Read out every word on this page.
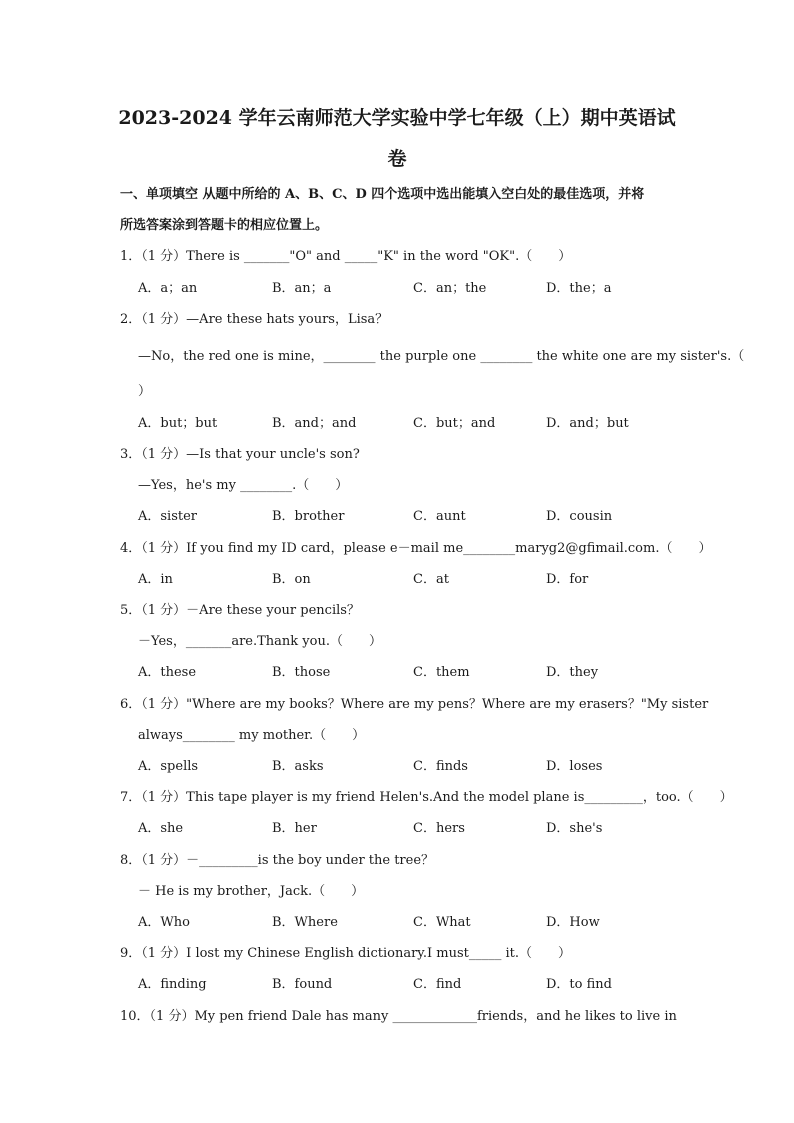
2023-2024 学年云南师范大学实验中学七年级（上）期中英语试
卷
一、单项填空 从题中所给的 A、B、C、D 四个选项中选出能填入空白处的最佳选项，并将
所选答案涂到答题卡的相应位置上。
1．（1 分）There is _______"O" and _____"K" in the word "OK".（　　）
A．a；an	B．an；a	C．an；the	D．the；a
2．（1 分）—Are these hats yours，Lisa？
—No，the red one is mine，________ the purple one ________ the white one are my sister's.（
）
A．but；but	B．and；and	C．but；and	D．and；but
3．（1 分）—Is that your uncle's son?
—Yes，he's my ________.（　　）
A．sister	B．brother	C．aunt	D．cousin
4．（1 分）If you find my ID card，please e－mail me________maryg2@gfimail.com.（　　）
A．in	B．on	C．at	D．for
5．（1 分）－Are these your pencils？
－Yes，_______are.Thank you.（　　）
A．these	B．those	C．them	D．they
6．（1 分）"Where are my books？Where are my pens？Where are my erasers？"My sister
always________ my mother.（　　）
A．spells	B．asks	C．finds	D．loses
7．（1 分）This tape player is my friend Helen's.And the model plane is_________，too.（　　）
A．she	B．her	C．hers	D．she's
8．（1 分）－_________is the boy under the tree？
－ He is my brother，Jack.（　　）
A．Who	B．Where	C．What	D．How
9．（1 分）I lost my Chinese English dictionary.I must_____ it.（　　）
A．finding	B．found	C．find	D．to find
10．（1 分）My pen friend Dale has many _____________friends，and he likes to live in
